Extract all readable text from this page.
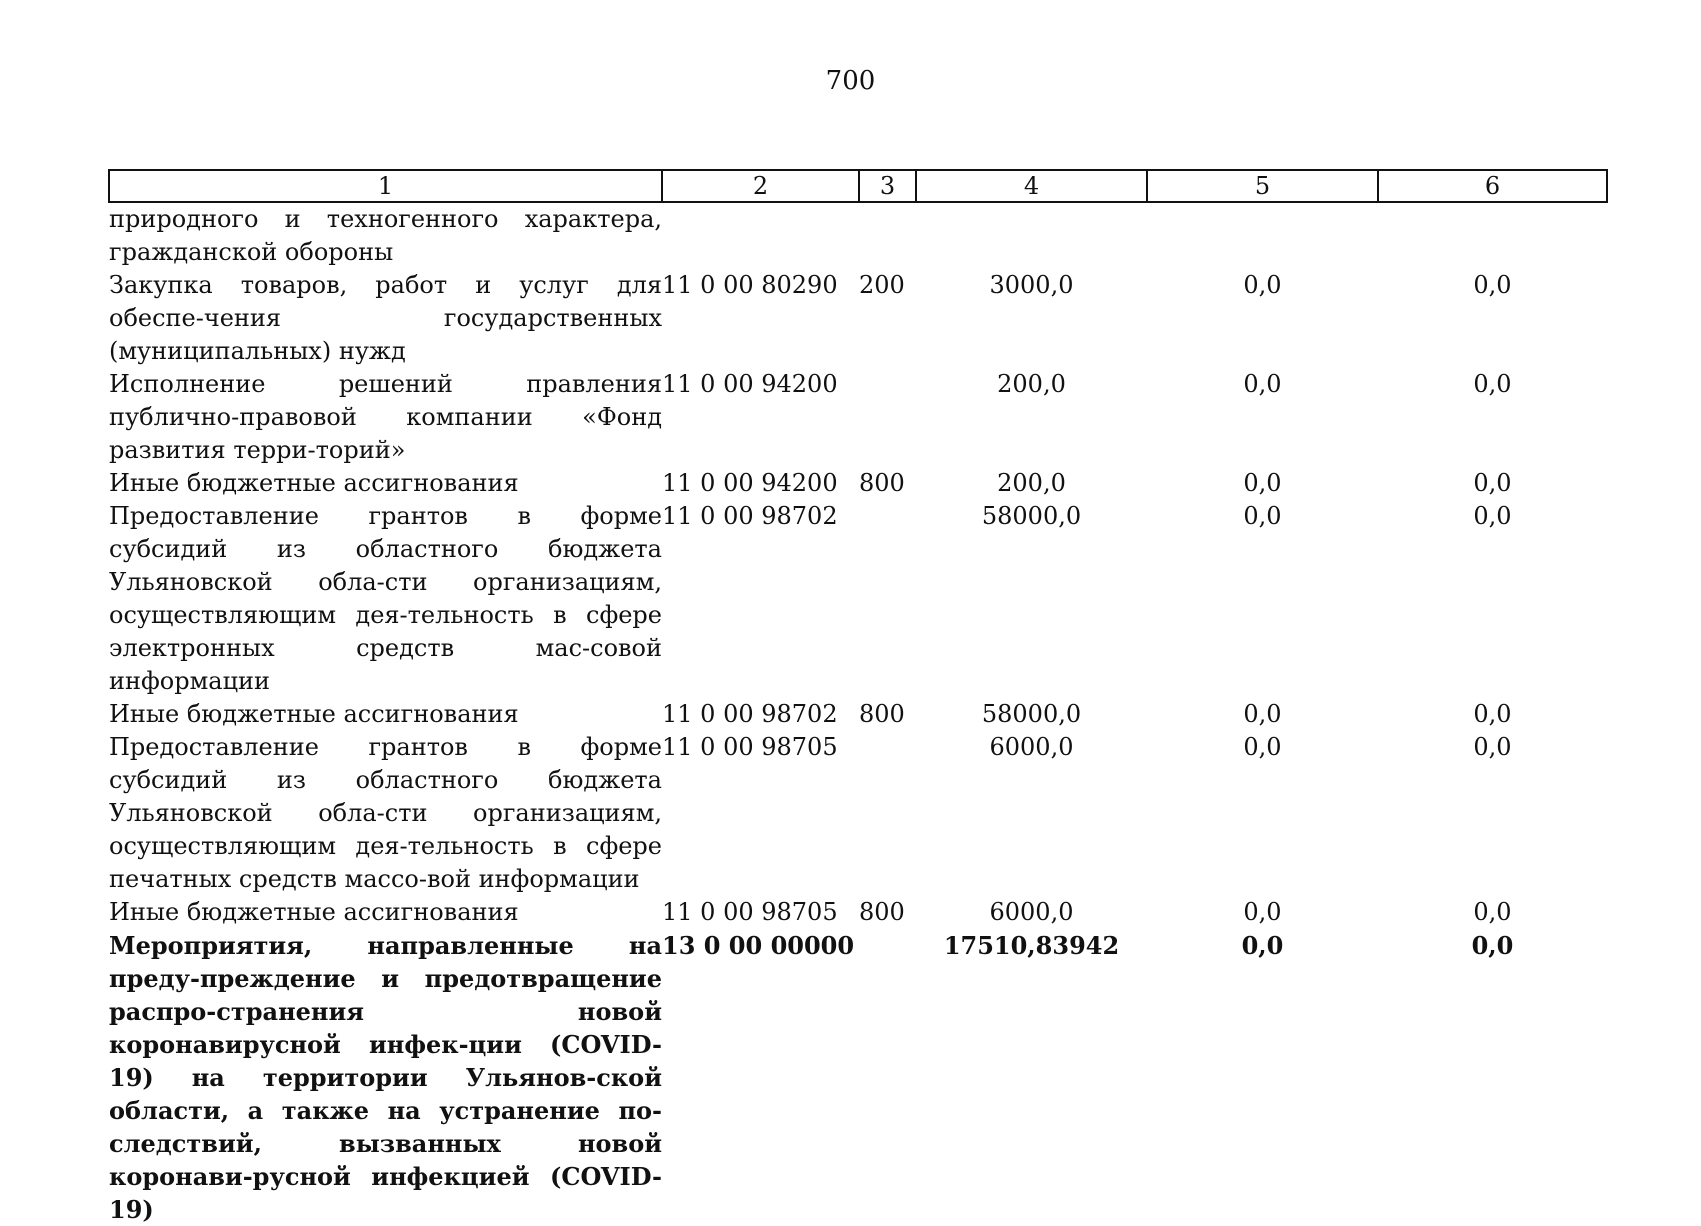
700
1	2	3	4	5	6
природного и техногенного характера, гражданской обороны					
Закупка товаров, работ и услуг для обеспе-чения государственных (муниципальных) нужд	11 0 00 80290	200	3000,0	0,0	0,0
Исполнение решений правления публично-правовой компании «Фонд развития терри-торий»	11 0 00 94200		200,0	0,0	0,0
Иные бюджетные ассигнования	11 0 00 94200	800	200,0	0,0	0,0
Предоставление грантов в форме субсидий из областного бюджета Ульяновской обла-сти организациям, осуществляющим дея-тельность в сфере электронных средств мас-совой информации	11 0 00 98702		58000,0	0,0	0,0
Иные бюджетные ассигнования	11 0 00 98702	800	58000,0	0,0	0,0
Предоставление грантов в форме субсидий из областного бюджета Ульяновской обла-сти организациям, осуществляющим дея-тельность в сфере печатных средств массо-вой информации	11 0 00 98705		6000,0	0,0	0,0
Иные бюджетные ассигнования	11 0 00 98705	800	6000,0	0,0	0,0
Мероприятия, направленные на преду-преждение и предотвращение распро-странения новой коронавирусной инфек-ции (COVID-19) на территории Ульянов-ской области, а также на устранение по-следствий, вызванных новой коронави-русной инфекцией (COVID-19)	13 0 00 00000		17510,83942	0,0	0,0
